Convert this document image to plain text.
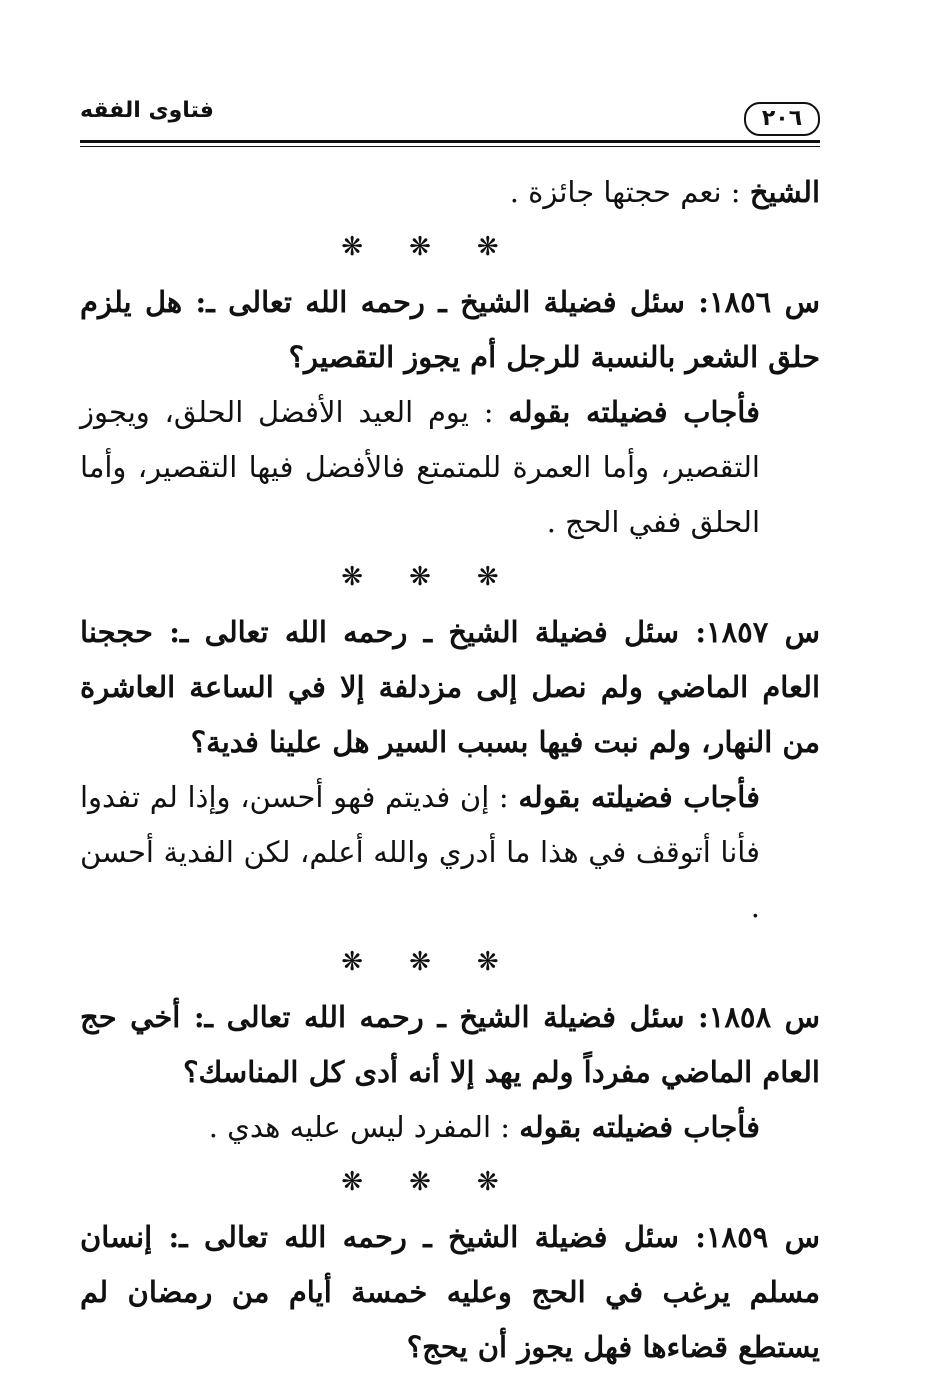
٢٠٦
فتاوى الفقه

الشيخ : نعم حجتها جائزة .

❋❋❋

س ١٨٥٦: سئل فضيلة الشيخ ـ رحمه الله تعالى ـ: هل يلزم حلق الشعر بالنسبة للرجل أم يجوز التقصير؟

فأجاب فضيلته بقوله : يوم العيد الأفضل الحلق، ويجوز التقصير، وأما العمرة للمتمتع فالأفضل فيها التقصير، وأما الحلق ففي الحج .

❋❋❋

س ١٨٥٧: سئل فضيلة الشيخ ـ رحمه الله تعالى ـ: حججنا العام الماضي ولم نصل إلى مزدلفة إلا في الساعة العاشرة من النهار، ولم نبت فيها بسبب السير هل علينا فدية؟

فأجاب فضيلته بقوله : إن فديتم فهو أحسن، وإذا لم تفدوا فأنا أتوقف في هذا ما أدري والله أعلم، لكن الفدية أحسن .

❋❋❋

س ١٨٥٨: سئل فضيلة الشيخ ـ رحمه الله تعالى ـ: أخي حج العام الماضي مفرداً ولم يهد إلا أنه أدى كل المناسك؟

فأجاب فضيلته بقوله : المفرد ليس عليه هدي .

❋❋❋

س ١٨٥٩: سئل فضيلة الشيخ ـ رحمه الله تعالى ـ: إنسان مسلم يرغب في الحج وعليه خمسة أيام من رمضان لم يستطع قضاءها فهل يجوز أن يحج؟
